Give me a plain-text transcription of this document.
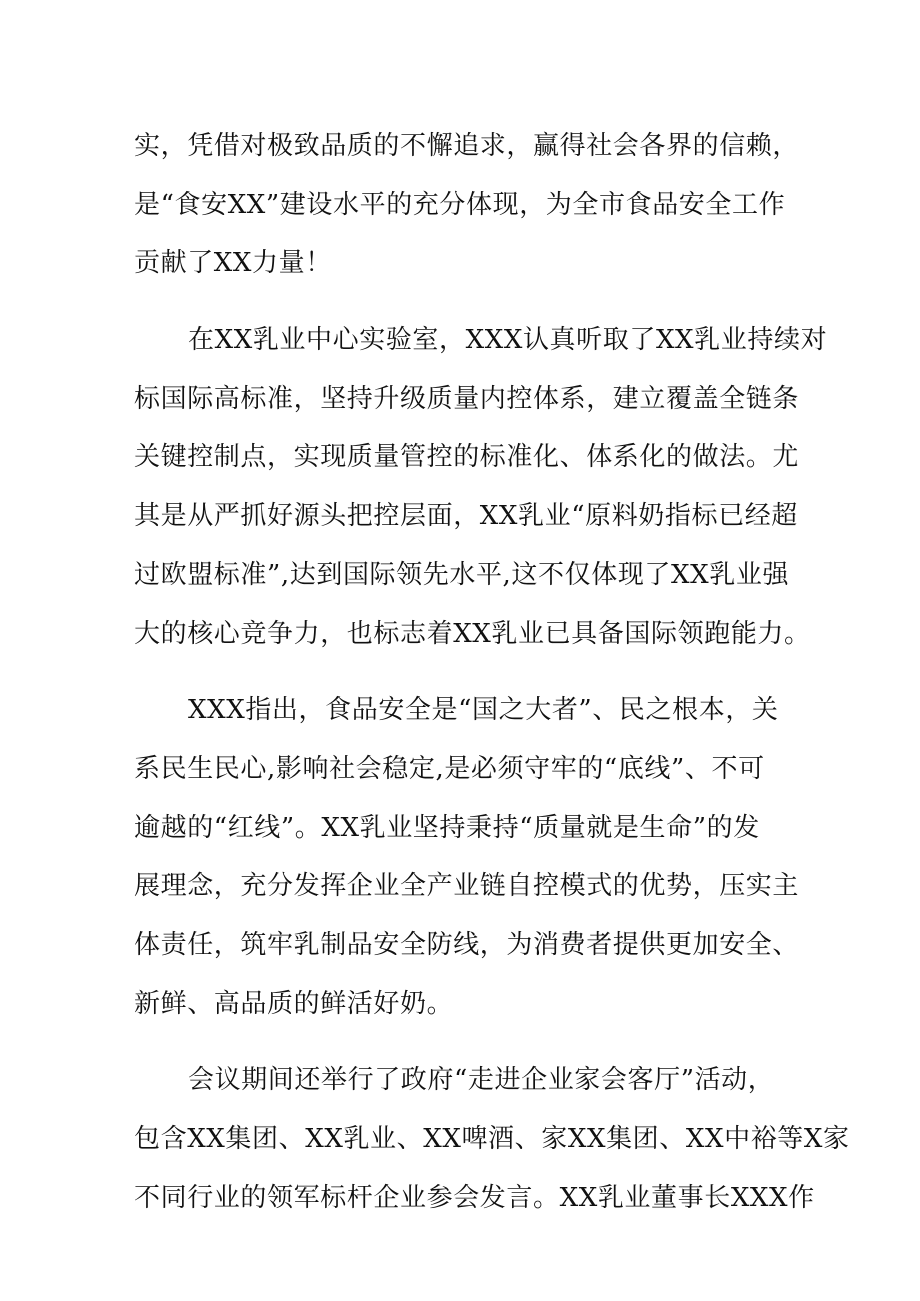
实，凭借对极致品质的不懈追求，赢得社会各界的信赖，
是“食安XX”建设水平的充分体现，为全市食品安全工作
贡献了XX力量！
在XX乳业中心实验室，XXX认真听取了XX乳业持续对
标国际高标准，坚持升级质量内控体系，建立覆盖全链条
关键控制点，实现质量管控的标准化、体系化的做法。尤
其是从严抓好源头把控层面，XX乳业“原料奶指标已经超
过欧盟标准”,达到国际领先水平,这不仅体现了XX乳业强
大的核心竞争力，也标志着XX乳业已具备国际领跑能力。
XXX指出，食品安全是“国之大者”、民之根本，关
系民生民心,影响社会稳定,是必须守牢的“底线”、不可
逾越的“红线”。XX乳业坚持秉持“质量就是生命”的发
展理念，充分发挥企业全产业链自控模式的优势，压实主
体责任，筑牢乳制品安全防线，为消费者提供更加安全、
新鲜、高品质的鲜活好奶。
会议期间还举行了政府“走进企业家会客厅”活动，
包含XX集团、XX乳业、XX啤酒、家XX集团、XX中裕等X家
不同行业的领军标杆企业参会发言。XX乳业董事长XXX作
